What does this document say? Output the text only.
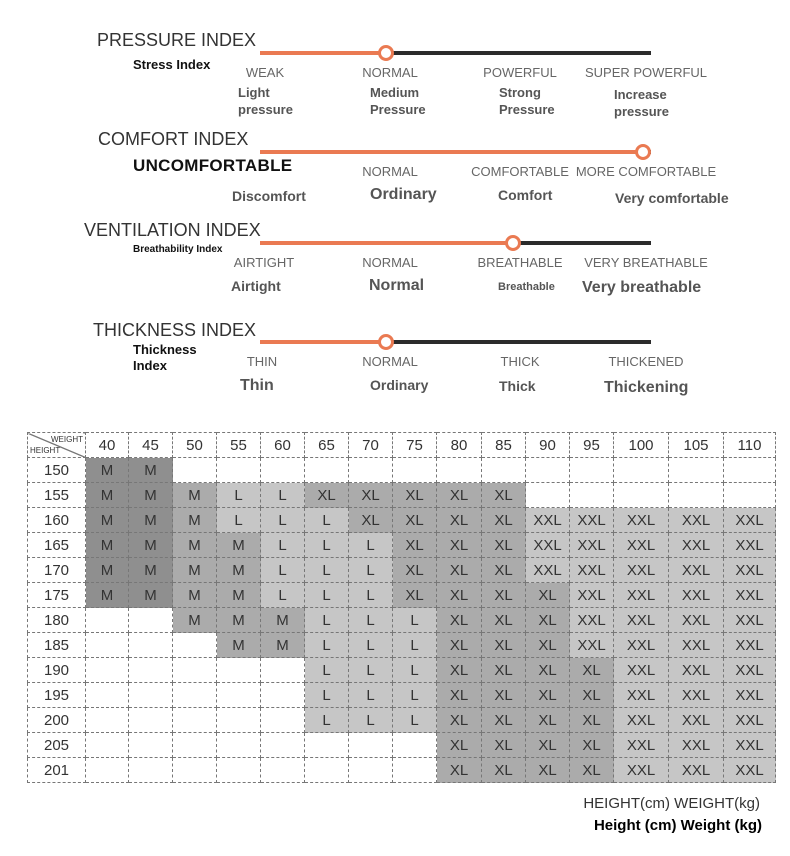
PRESSURE INDEX
Stress Index
WEAK	NORMAL	POWERFUL SUPER POWERFUL
Light pressure
Medium Pressure
Strong Pressure
Increase pressure
COMFORT INDEX
UNCOMFORTABLE	NORMAL	COMFORTABLE MORE COMFORTABLE
Discomfort	Ordinary	Comfort	Very comfortable
VENTILATION INDEX
Breathability Index
AIRTIGHT	NORMAL	BREATHABLE VERY BREATHABLE
Airtight	Normal	Breathable Very breathable
THICKNESS INDEX
Thickness Index	THIN	NORMAL	THICK	THICKENED
Thin	Ordinary	Thick	Thickening
WEIGHT
HEIGHT	40	45	50	55	60	65	70	75	80	85	90	95	100	105	110
150	M	M													
155	M	M	M	L	L	XL	XL	XL	XL	XL					
160	M	M	M	L	L	L	XL	XL	XL	XL	XXL	XXL	XXL	XXL	XXL
165	M	M	M	M	L	L	L	XL	XL	XL	XXL	XXL	XXL	XXL	XXL
170	M	M	M	M	L	L	L	XL	XL	XL	XXL	XXL	XXL	XXL	XXL
175	M	M	M	M	L	L	L	XL	XL	XL	XL	XXL	XXL	XXL	XXL
180			M	M	M	L	L	L	XL	XL	XL	XXL	XXL	XXL	XXL
185				M	M	L	L	L	XL	XL	XL	XXL	XXL	XXL	XXL
190						L	L	L	XL	XL	XL	XL	XXL	XXL	XXL
195						L	L	L	XL	XL	XL	XL	XXL	XXL	XXL
200						L	L	L	XL	XL	XL	XL	XXL	XXL	XXL
205									XL	XL	XL	XL	XXL	XXL	XXL
201									XL	XL	XL	XL	XXL	XXL	XXL
HEIGHT(cm) WEIGHT(kg)
Height (cm) Weight (kg)
